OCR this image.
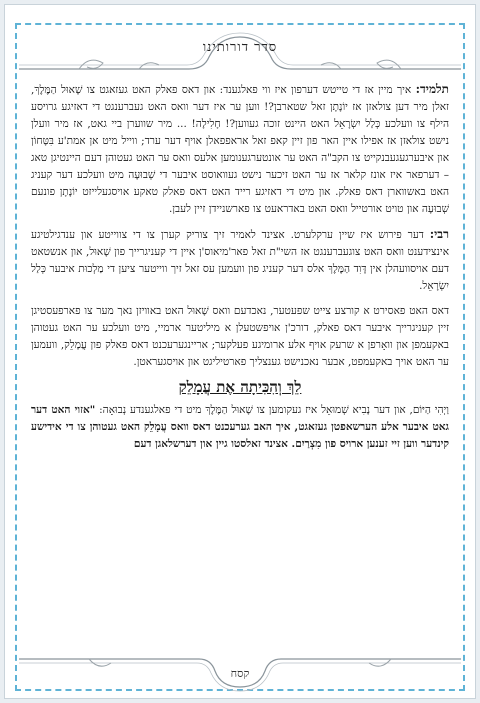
סדר דורותינו

תלמיד: איך מיין אז די טייטש דערפון איז ווי פאלגענד: און דאס פאלק האט געזאגט צו שָׁאוּל הַמֶּלֶךְ, זאלן מיר דען צולאזן אז יוֹנָתָן זאל שטארבן?! ווען ער איז דער וואס האט געברענגט די דאזיגע גרויסע הילף צו וועלכע כְּלַל יִשְׂרָאֵל האט היינט זוכה געווען?! חָלִילָה! ... מיר שווערן ביי גאט, אז מיר וועלן נישט צולאזן אז אפילו איין האר פון זיין קאפ זאל אראפפאלן אויף דער ערד; ווייל מיט אן אמת'ע בִּטָּחוֹן און איבערגעגעבנקייט צו הקב"ה האט ער אונטערגענומען אלעס וואס ער האט געטוהן דעם היינטיגן טאג – דערפאר איז אונז קלאר אז ער האט זיכער נישט געוואוסט איבער די שְׁבוּעָה מיט וועלכע דער קעניג האט באשווארן דאס פאלק. און מיט די דאזיגע רייד האט דאס פאלק טאקע אויסגעלייזט יוֹנָתָן פונעם שְׁבוּעָה און טויט אורטייל וואס האט באדראעט צו פארשניידן זיין לעבן.

רבי: דער פירוש איז שיין ערקלערט. אצינד לאמיר זיך צוריק קערן צו די צווייטע און ענדגילטיגע אינצידענט וואס האט צוגעברענגט אז השי"ת זאל פאר'מיאוס'ן איין די קעניגרייך פון שָׁאוּל, און אנשטאט דעם אויסוועהלן אין דָּוִד הַמֶּלֶךְ אלס דער קעניג פון וועמען עס זאל זיך ווייטער ציען די מַלְכוּת איבער כְּלַל יִשְׂרָאֵל.

דאס האט פאסירט א קורצע צייט שפעטער, נאכדעם וואס שָׁאוּל האט באוויזן נאך מער צו פארפעסטיגן זיין קעניגרייך איבער דאס פאלק, דורכ'ן אויפשטעלן א מיליטער ארמיי, מיט וועלכע ער האט געטוהן באקעמפן און וואָרפן א שרעק אויף אלע ארומיגע פעלקער; אריינגערעכנט דאס פאלק פון עֲמָלֵק, וועמען ער האט אויך באקעמפט, אבער נאכנישט גענצליך פארטיליגט און אויסגעראטן.

לֵךְ וְהִכִּיתָה אֶת עֲמָלֵק

וַיְהִי הַיּוֹם, און דער נָבִיא שְׁמוּאֵל איז געקומען צו שָׁאוּל הַמֶּלֶךְ מיט די פאלגענדע נְבוּאָה: "אזוי האט דער גאט איבער אלע הערשאפטן געזאגט, איך האב גערעכנט דאס וואס עֲמָלֵק האט געטוהן צו די אידישע קינדער ווען זיי זענען ארויס פון מִצְרַיִם. אצינד זאלסטו גיין און דערשלאגן דעם

קסח
